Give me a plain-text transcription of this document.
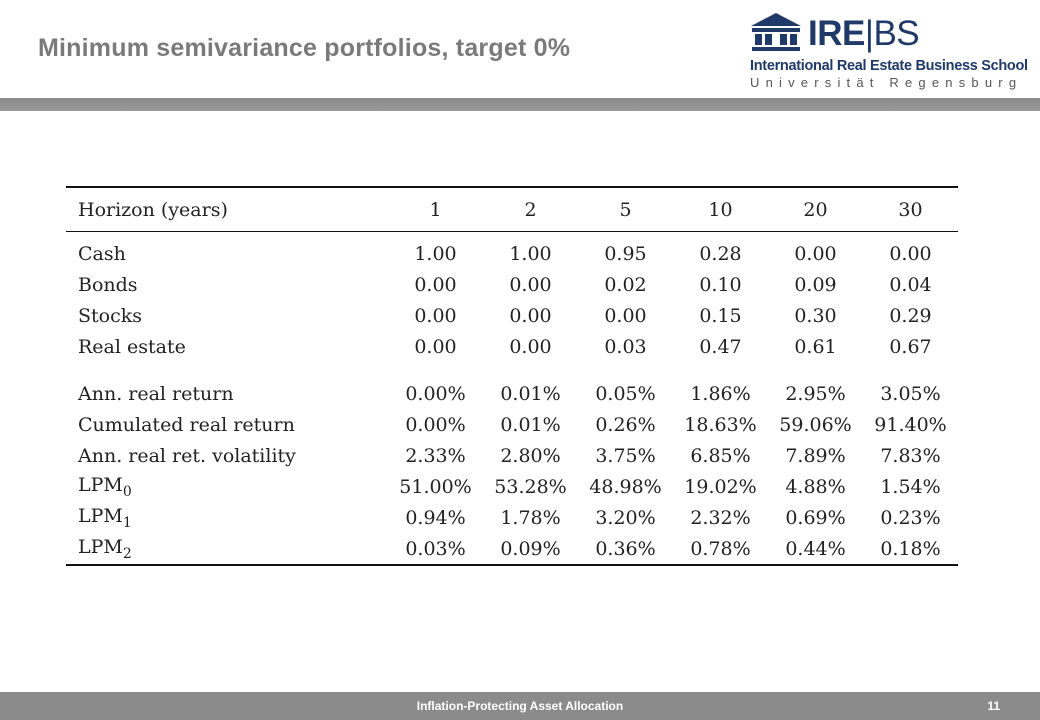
Minimum semivariance portfolios, target 0%	IRE|BS
International Real Estate Business School
Universität Regensburg
Horizon (years)	1	2	5	10	20	30
Cash	1.00	1.00	0.95	0.28	0.00	0.00
Bonds	0.00	0.00	0.02	0.10	0.09	0.04
Stocks	0.00	0.00	0.00	0.15	0.30	0.29
Real estate	0.00	0.00	0.03	0.47	0.61	0.67
Ann. real return	0.00%	0.01%	0.05%	1.86%	2.95%	3.05%
Cumulated real return	0.00%	0.01%	0.26%	18.63%	59.06%	91.40%
Ann. real ret. volatility	2.33%	2.80%	3.75%	6.85%	7.89%	7.83%
$LPM_0$	51.00%	53.28%	48.98%	19.02%	4.88%	1.54%
$LPM_1$	0.94%	1.78%	3.20%	2.32%	0.69%	0.23%
$LPM_2$	0.03%	0.09%	0.36%	0.78%	0.44%	0.18%
Inflation-Protecting Asset Allocation	11
